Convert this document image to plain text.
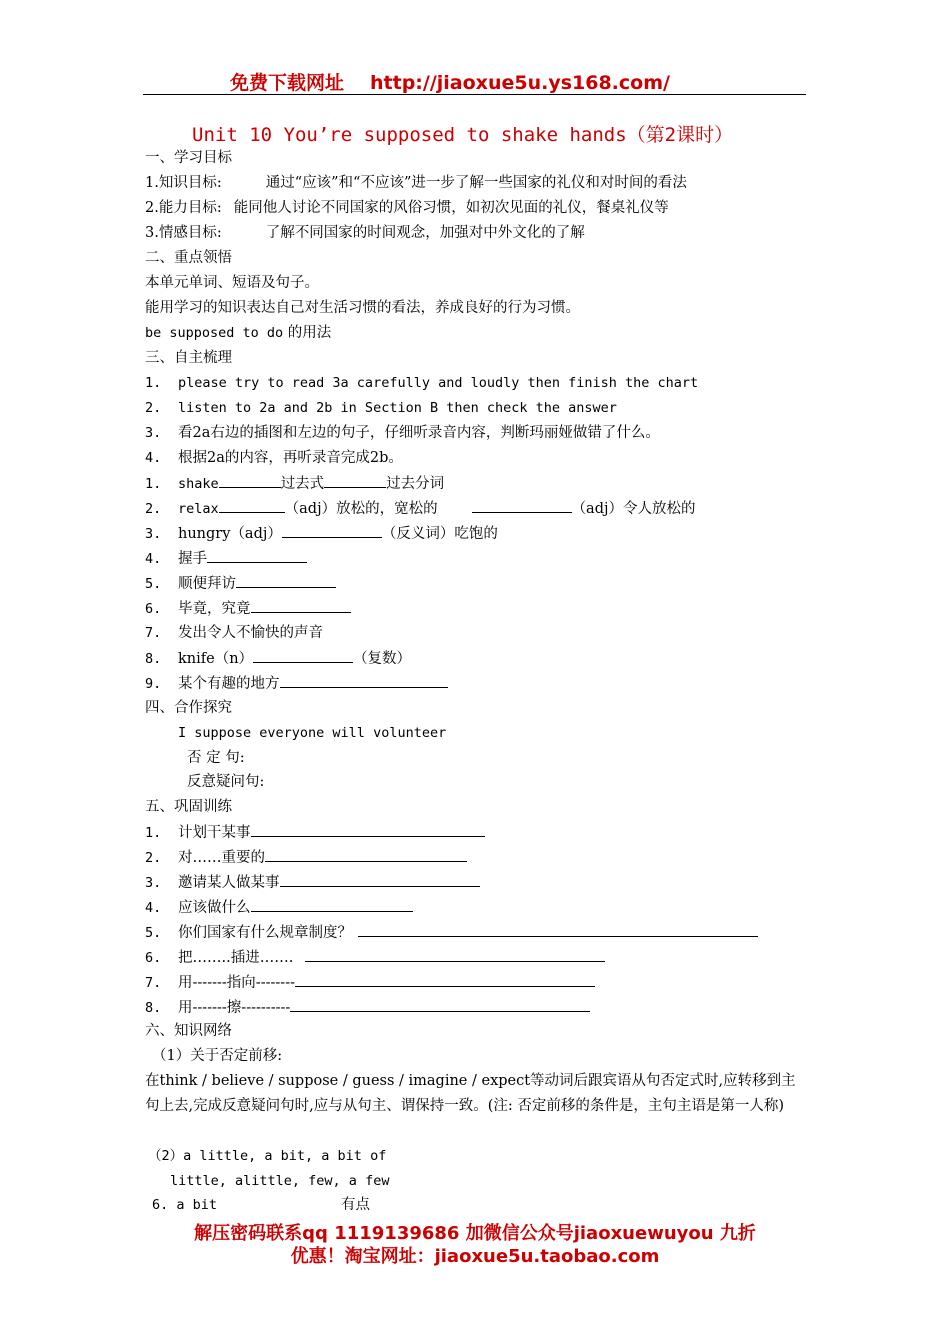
免费下载网址 http://jiaoxue5u.ys168.com/
Unit 10 You’re supposed to shake hands（第2课时）
一、学习目标
1.知识目标:	通过“应该”和“不应该”进一步了解一些国家的礼仪和对时间的看法
2.能力目标: 能同他人讨论不同国家的风俗习惯，如初次见面的礼仪，餐桌礼仪等
3.情感目标:	了解不同国家的时间观念，加强对中外文化的了解
二、重点领悟
本单元单词、短语及句子。
能用学习的知识表达自己对生活习惯的看法，养成良好的行为习惯。
be supposed to do 的用法
三、自主梳理
1. please try to read 3a carefully and loudly then finish the chart
2. listen to 2a and 2b in Section B then check the answer
3. 看2a右边的插图和左边的句子，仔细听录音内容，判断玛丽娅做错了什么。
4. 根据2a的内容，再听录音完成2b。
1. shake	过去式	过去分词
2. relax	（adj）放松的，宽松的	（adj）令人放松的
3. hungry（adj）	（反义词）吃饱的
4. 握手
5. 顺便拜访
6. 毕竟，究竟
7. 发出令人不愉快的声音
8. knife（n）	（复数）
9. 某个有趣的地方
四、合作探究
I suppose everyone will volunteer
否 定 句:
反意疑问句:
五、巩固训练
1. 计划干某事
2. 对……重要的
3. 邀请某人做某事
4. 应该做什么
5. 你们国家有什么规章制度？
6. 把……..插进…….
7. 用-------指向--------
8. 用-------擦----------
六、知识网络
（1）关于否定前移:
在think / believe / suppose / guess / imagine / expect等动词后跟宾语从句否定式时,应转移到主句上去,完成反意疑问句时,应与从句主、谓保持一致。(注: 否定前移的条件是，主句主语是第一人称)
（2）a little, a bit, a bit of
little, alittle, few, a few
6. a bit	有点
解压密码联系qq 1119139686 加微信公众号jiaoxuewuyou 九折
优惠！淘宝网址：jiaoxue5u.taobao.com
